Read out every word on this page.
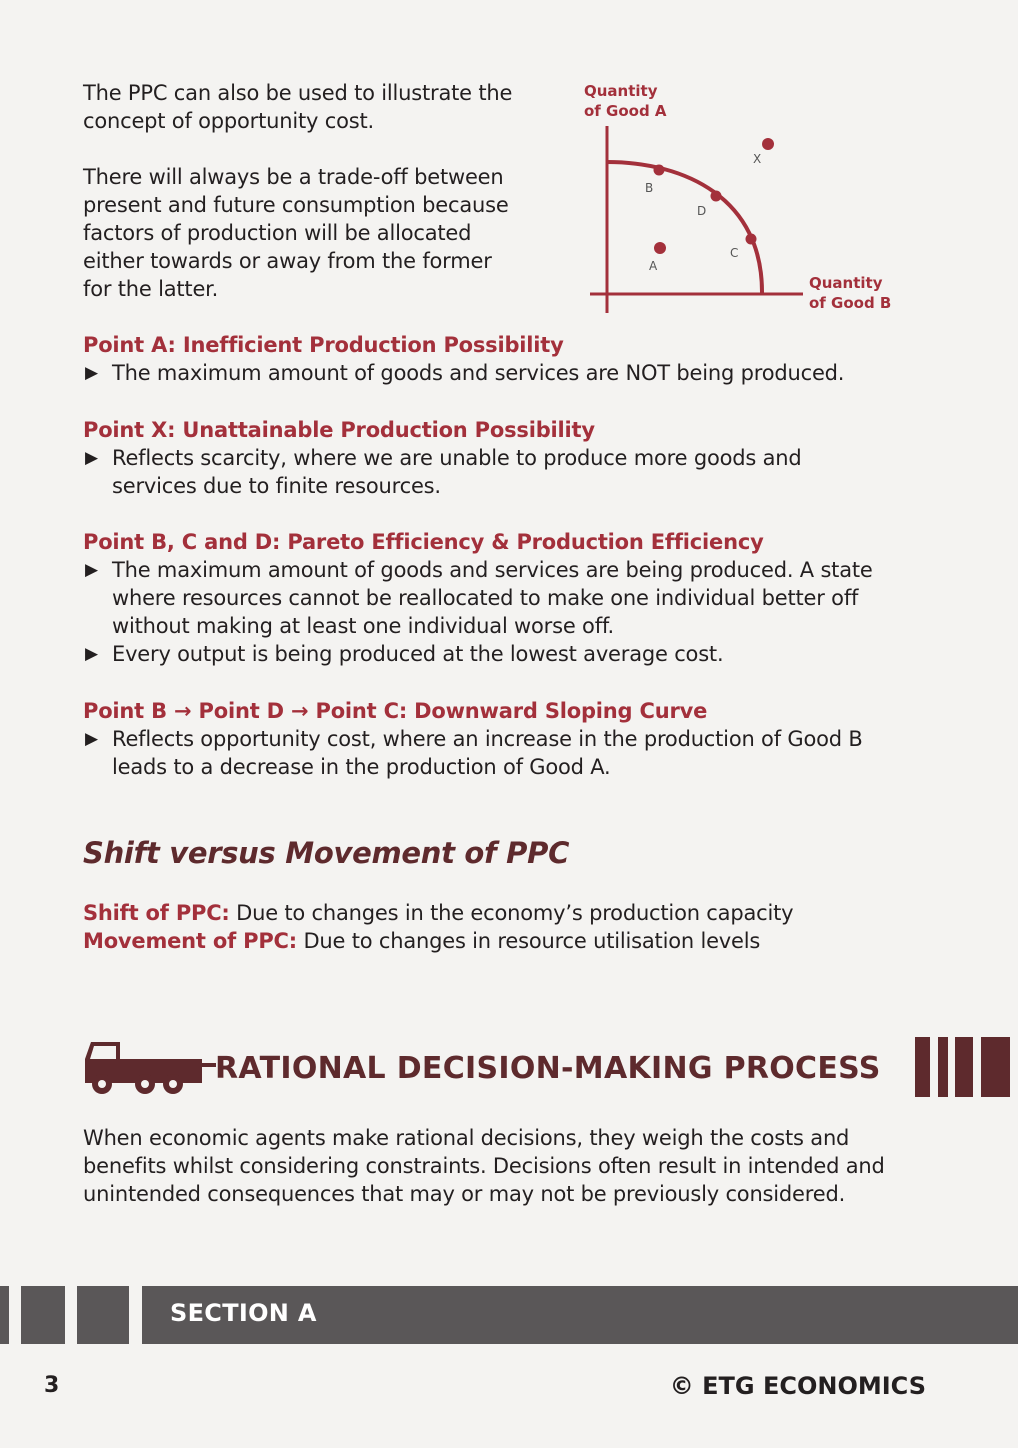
The PPC can also be used to illustrate the concept of opportunity cost.
There will always be a trade-off between present and future consumption because factors of production will be allocated either towards or away from the former for the latter.
B
D
C
A
X
Quantity
of Good A
Quantity
of Good B
Point A: Inefficient Production Possibility
▶ The maximum amount of goods and services are NOT being produced.
Point X: Unattainable Production Possibility
▶ Reflects scarcity, where we are unable to produce more goods and services due to finite resources.
Point B, C and D: Pareto Efficiency & Production Efficiency
▶ The maximum amount of goods and services are being produced. A state where resources cannot be reallocated to make one individual better off without making at least one individual worse off.
▶ Every output is being produced at the lowest average cost.
Point B → Point D → Point C: Downward Sloping Curve
▶ Reflects opportunity cost, where an increase in the production of Good B leads to a decrease in the production of Good A.
Shift versus Movement of PPC
Shift of PPC: Due to changes in the economy’s production capacity
Movement of PPC: Due to changes in resource utilisation levels
RATIONAL DECISION-MAKING PROCESS
When economic agents make rational decisions, they weigh the costs and benefits whilst considering constraints. Decisions often result in intended and unintended consequences that may or may not be previously considered.
SECTION A
3	© ETG ECONOMICS
